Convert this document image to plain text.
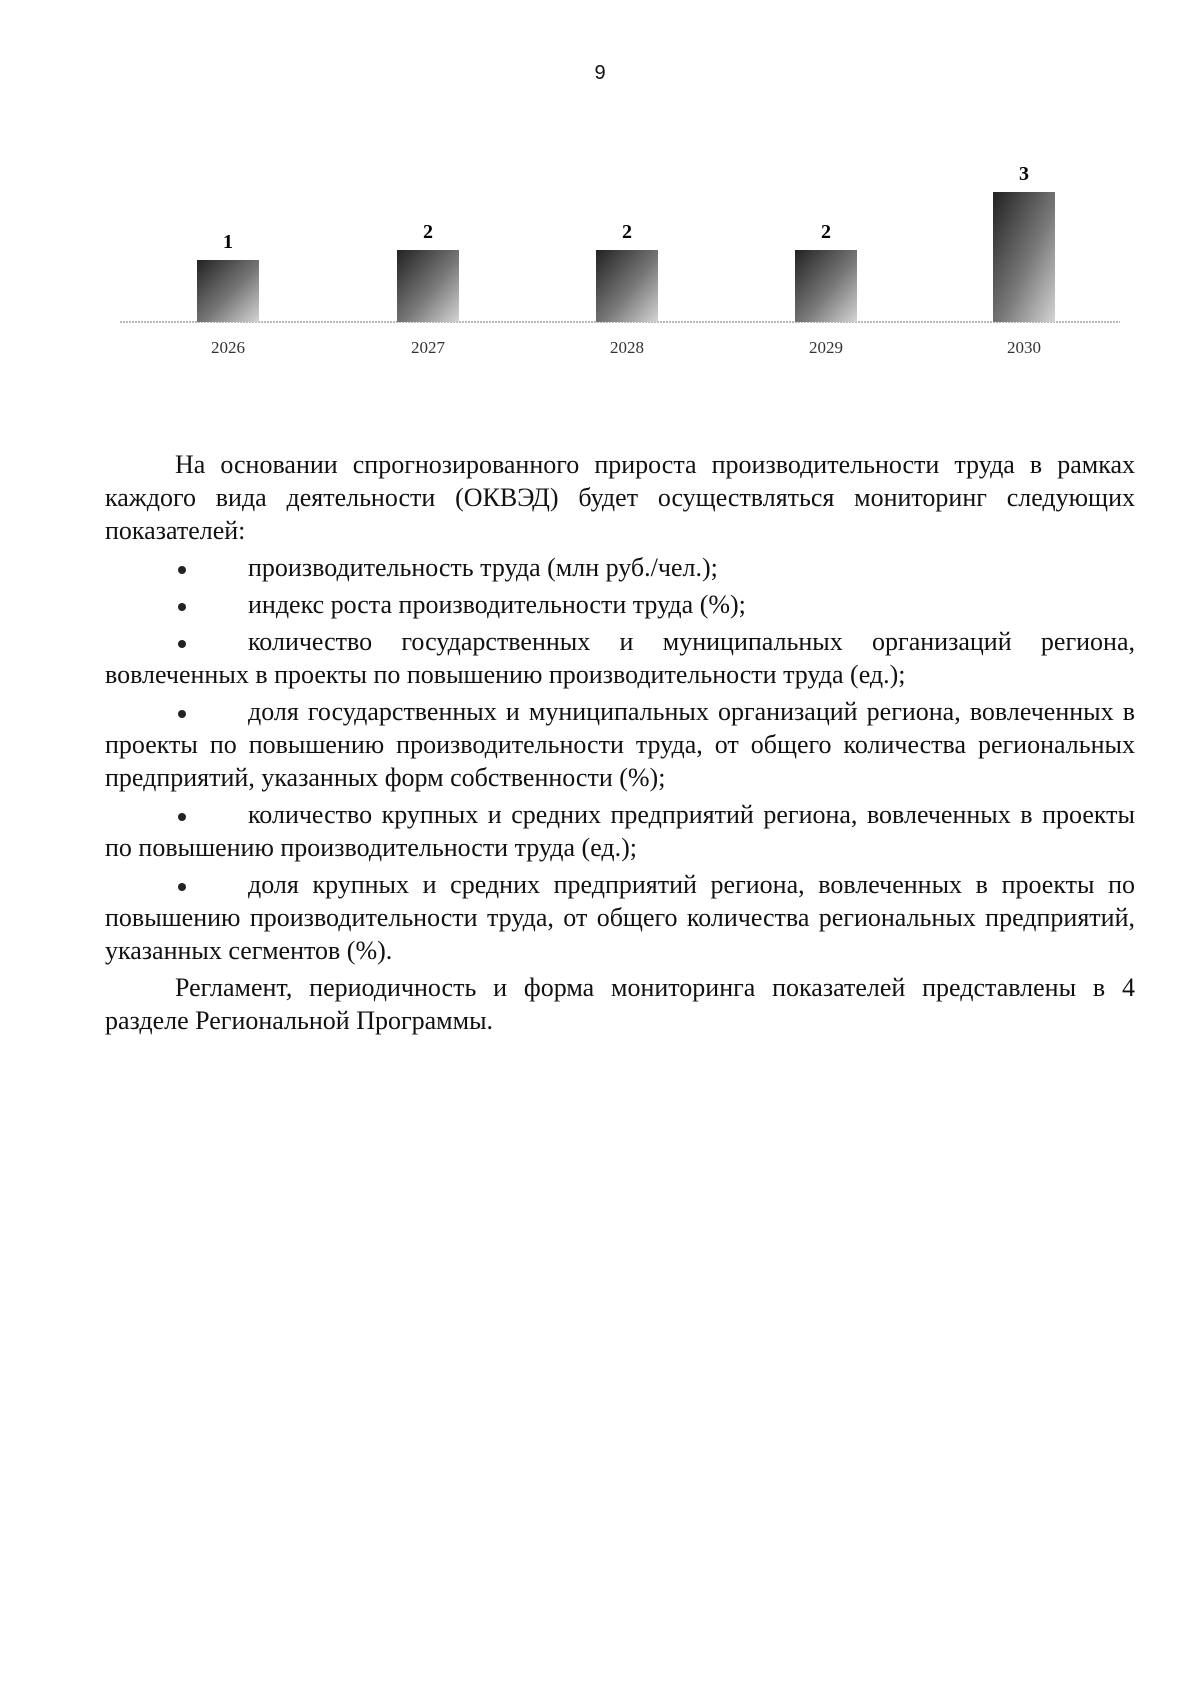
9
1	2	2	2
3
2026	2027	2028	2029	2030

На основании спрогнозированного прироста производительности труда в рамках каждого вида деятельности (ОКВЭД) будет осуществляться мониторинг следующих показателей:

производительность труда (млн руб./чел.);
индекс роста производительности труда (%);
количество государственных и муниципальных организаций региона, вовлеченных в проекты по повышению производительности труда (ед.);
доля государственных и муниципальных организаций региона, вовлеченных в проекты по повышению производительности труда, от общего количества региональных предприятий, указанных форм собственности (%);
количество крупных и средних предприятий региона, вовлеченных в проекты по повышению производительности труда (ед.);
доля крупных и средних предприятий региона, вовлеченных в проекты по повышению производительности труда, от общего количества региональных предприятий, указанных сегментов (%).

Регламент, периодичность и форма мониторинга показателей представлены в 4 разделе Региональной Программы.
